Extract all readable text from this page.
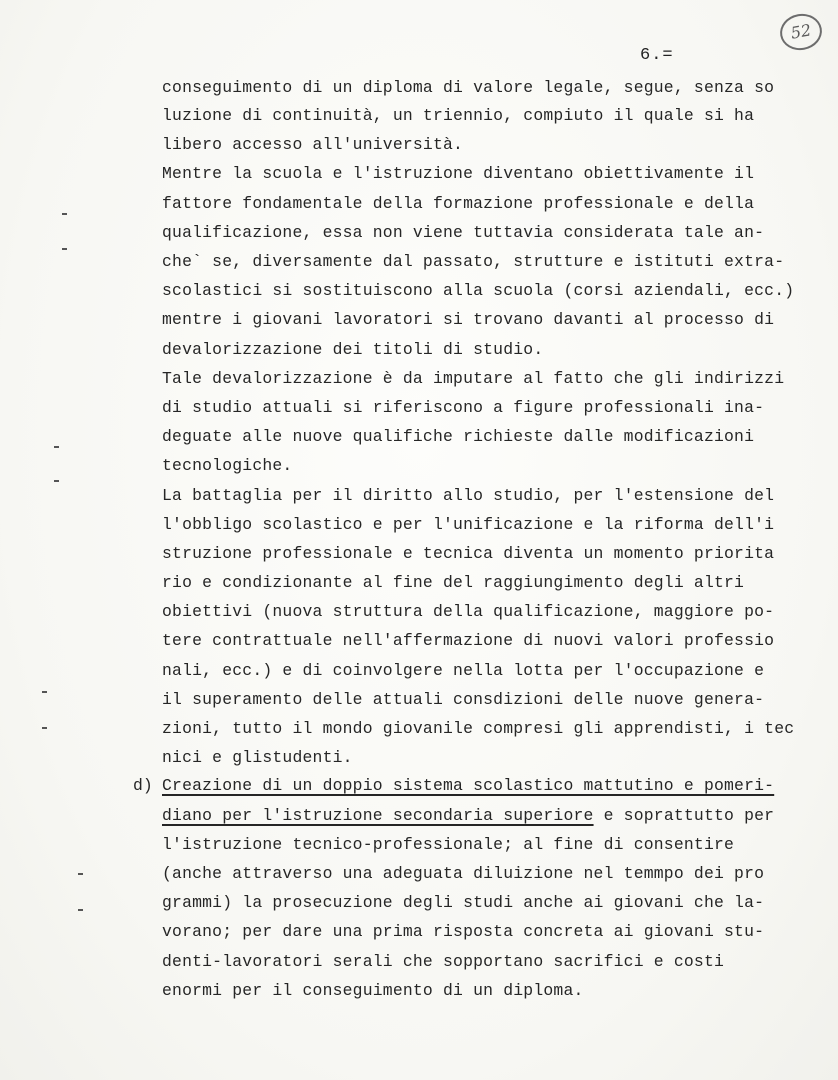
52
6.=
conseguimento di un diploma di valore legale, segue, senza so
luzione di continuità, un triennio, compiuto il quale si ha
libero accesso all'università.
Mentre la scuola e l'istruzione diventano obiettivamente il
fattore fondamentale della formazione professionale e della
qualificazione, essa non viene tuttavia considerata tale an-
che` se, diversamente dal passato, strutture e istituti extra-
scolastici si sostituiscono alla scuola (corsi aziendali, ecc.)
mentre i giovani lavoratori si trovano davanti al processo di
devalorizzazione dei titoli di studio.
Tale devalorizzazione è da imputare al fatto che gli indirizzi
di studio attuali si riferiscono a figure professionali ina-
deguate alle nuove qualifiche richieste dalle modificazioni
tecnologiche.
La battaglia per il diritto allo studio, per l'estensione del
l'obbligo scolastico e per l'unificazione e la riforma dell'i
struzione professionale e tecnica diventa un momento priorita
rio e condizionante al fine del raggiungimento degli altri
obiettivi (nuova struttura della qualificazione, maggiore po-
tere contrattuale nell'affermazione di nuovi valori professio
nali, ecc.) e di coinvolgere nella lotta per l'occupazione e
il superamento delle attuali consdizioni delle nuove genera-
zioni, tutto il mondo giovanile compresi gli apprendisti, i tec
nici e glistudenti.
d) Creazione di un doppio sistema scolastico mattutino e pomeri-
diano per l'istruzione secondaria superiore e soprattutto per
l'istruzione tecnico-professionale; al fine di consentire
(anche attraverso una adeguata diluizione nel temmpo dei pro
grammi) la prosecuzione degli studi anche ai giovani che la-
vorano; per dare una prima risposta concreta ai giovani stu-
denti-lavoratori serali che sopportano sacrifici e costi
enormi per il conseguimento di un diploma.
